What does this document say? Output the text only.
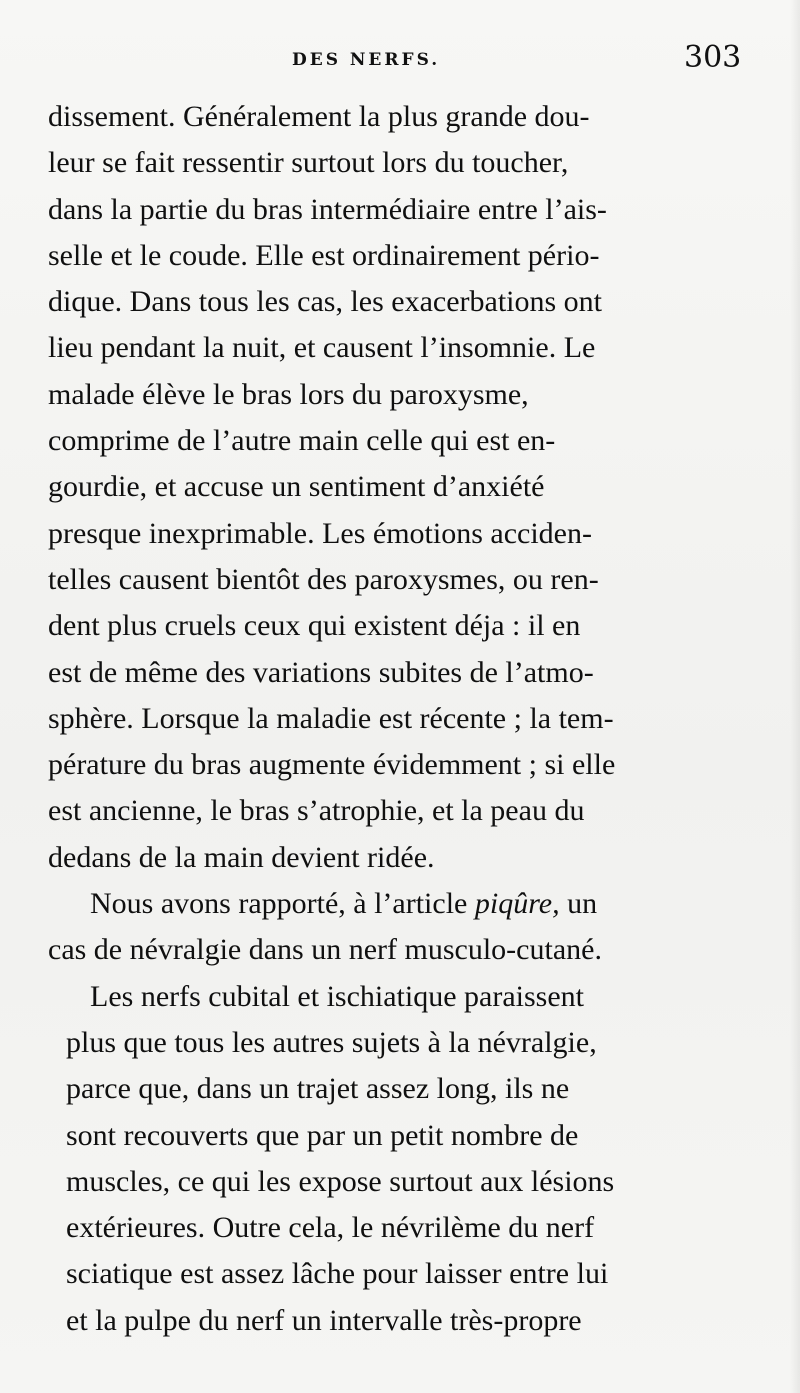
DES NERFS.	303
dissement. Généralement la plus grande dou-
leur se fait ressentir surtout lors du toucher,
dans la partie du bras intermédiaire entre l’ais-
selle et le coude. Elle est ordinairement pério-
dique. Dans tous les cas, les exacerbations ont
lieu pendant la nuit, et causent l’insomnie. Le
malade élève le bras lors du paroxysme,
comprime de l’autre main celle qui est en-
gourdie, et accuse un sentiment d’anxiété
presque inexprimable. Les émotions acciden-
telles causent bientôt des paroxysmes, ou ren-
dent plus cruels ceux qui existent déja : il en
est de même des variations subites de l’atmo-
sphère. Lorsque la maladie est récente ; la tem-
pérature du bras augmente évidemment ; si elle
est ancienne, le bras s’atrophie, et la peau du
dedans de la main devient ridée.
Nous avons rapporté, à l’article piqûre, un
cas de névralgie dans un nerf musculo-cutané.
Les nerfs cubital et ischiatique paraissent
plus que tous les autres sujets à la névralgie,
parce que, dans un trajet assez long, ils ne
sont recouverts que par un petit nombre de
muscles, ce qui les expose surtout aux lésions
extérieures. Outre cela, le névrilème du nerf
sciatique est assez lâche pour laisser entre lui
et la pulpe du nerf un intervalle très-propre
